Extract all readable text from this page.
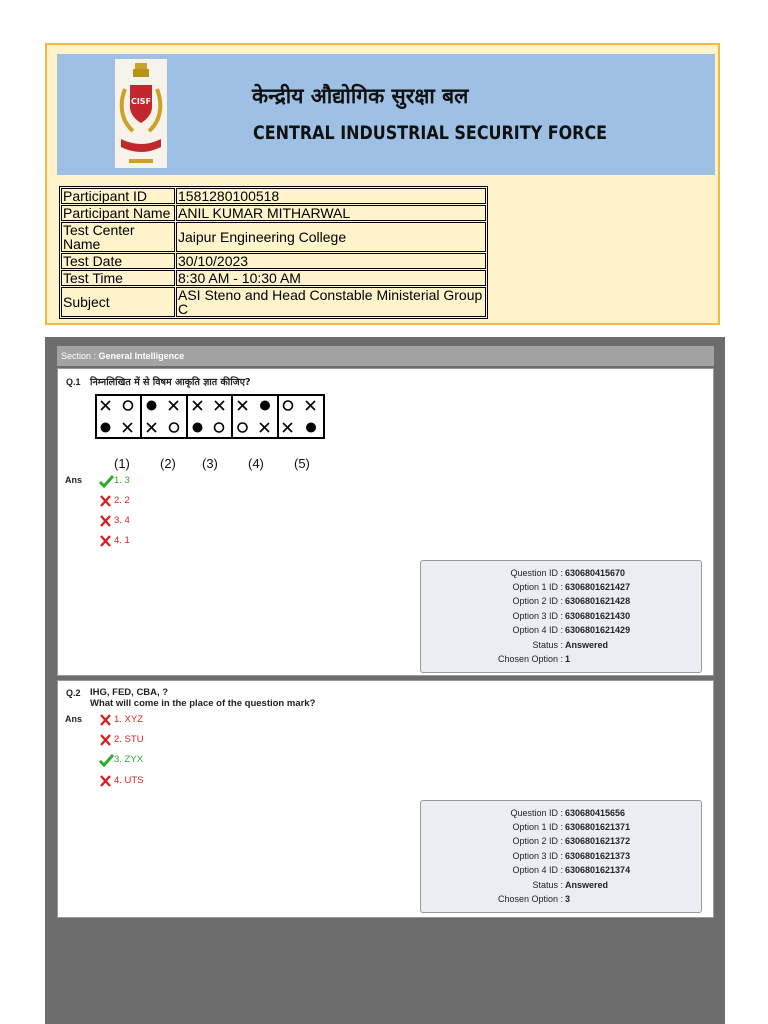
CISF	केन्द्रीय औद्योगिक सुरक्षा बल
CENTRAL INDUSTRIAL SECURITY FORCE
Participant ID	1581280100518
Participant Name	ANIL KUMAR MITHARWAL
Test Center Name	Jaipur Engineering College
Test Date	30/10/2023
Test Time	8:30 AM - 10:30 AM
Subject	ASI Steno and Head Constable Ministerial Group C
Section : General Intelligence
Q.1 निम्नलिखित में से विषम आकृति ज्ञात कीजिए?
(1) (2) (3) (4) (5)
Ans	1. 3
2. 2
3. 4
4. 1
Question ID : 630680415670
Option 1 ID : 6306801621427
Option 2 ID : 6306801621428
Option 3 ID : 6306801621430
Option 4 ID : 6306801621429
Status : Answered
Chosen Option : 1
Q.2 IHG, FED, CBA, ?
What will come in the place of the question mark?
Ans	1. XYZ
2. STU
3. ZYX
4. UTS
Question ID : 630680415656
Option 1 ID : 6306801621371
Option 2 ID : 6306801621372
Option 3 ID : 6306801621373
Option 4 ID : 6306801621374
Status : Answered
Chosen Option : 3
